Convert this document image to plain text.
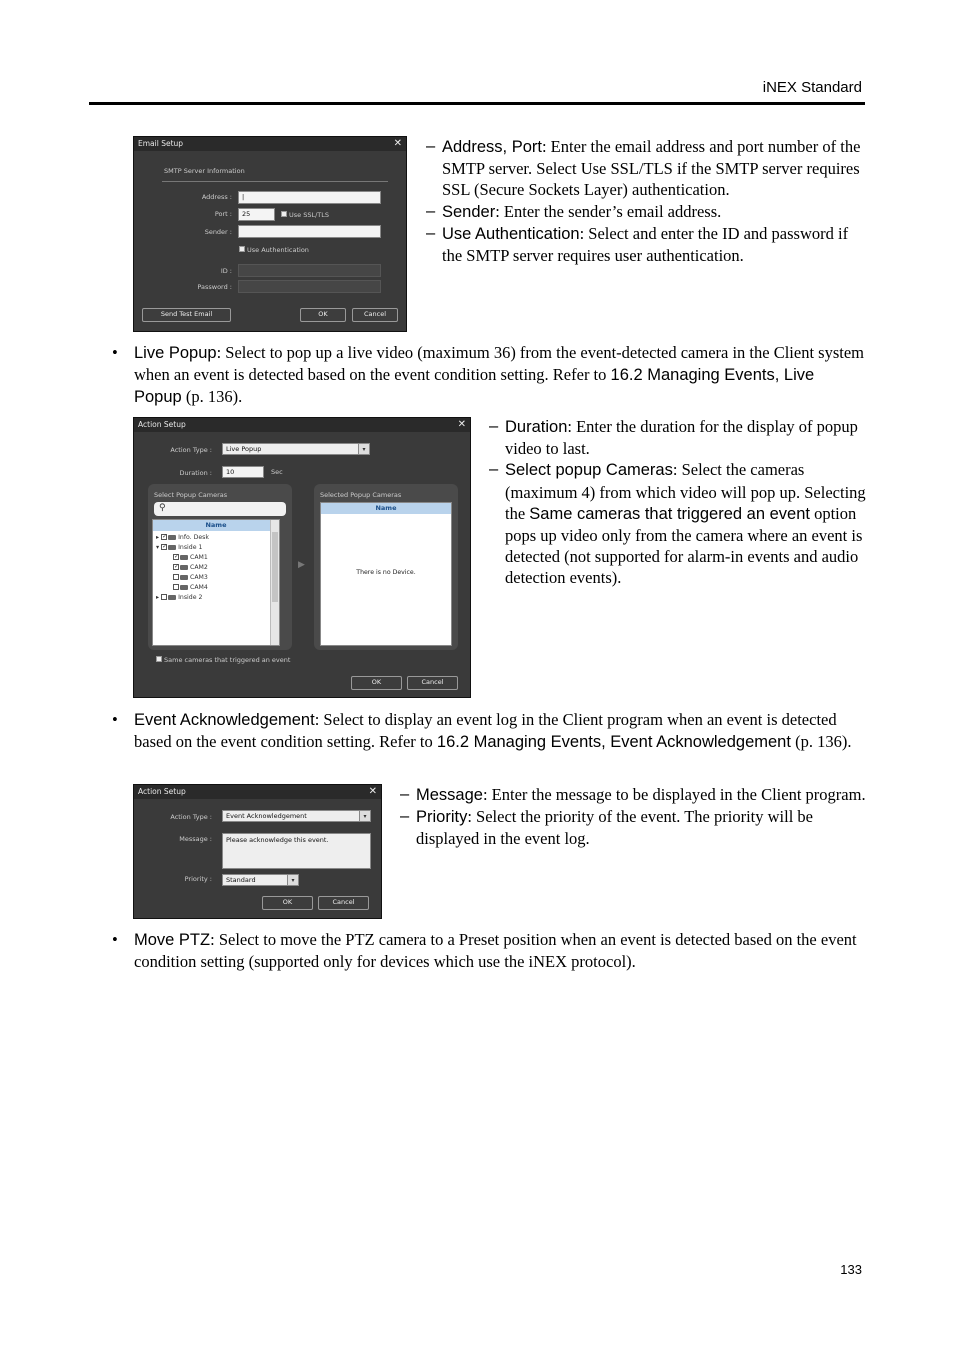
iNEX Standard
Email Setup	✕
SMTP Server Information
Address :	|
Port :	25	Use SSL/TLS
Sender :
Use Authentication
ID :
Password :
Send Test Email	OK	Cancel
– Address, Port: Enter the email address and port number of the SMTP server. Select Use SSL/TLS if the SMTP server requires SSL (Secure Sockets Layer) authentication.
– Sender: Enter the sender’s email address.
– Use Authentication: Select and enter the ID and password if the SMTP server requires user authentication.
• Live Popup: Select to pop up a live video (maximum 36) from the event-detected camera in the Client system when an event is detected based on the event condition setting. Refer to 16.2 Managing Events, Live Popup (p. 136).
Action Setup	✕
Action Type :	Live Popup	▾
Duration :	10	Sec
Select Popup Cameras
⚲
Name
▸ ✓ Info. Desk
▾ ✓ Inside 1
✓ CAM1
✓ CAM2
CAM3
CAM4
▸	Inside 2
▶
Selected Popup Cameras
Name
There is no Device.
Same cameras that triggered an event
OK	Cancel
– Duration: Enter the duration for the display of popup video to last.
– Select popup Cameras: Select the cameras (maximum 4) from which video will pop up. Selecting the Same cameras that triggered an event option pops up video only from the camera where an event is detected (not supported for alarm-in events and audio detection events).
• Event Acknowledgement: Select to display an event log in the Client program when an event is detected based on the event condition setting. Refer to 16.2 Managing Events, Event Acknowledgement (p. 136).
Action Setup	✕
Action Type :	Event Acknowledgement	▾
Message :	Please acknowledge this event.
Priority :	Standard	▾
OK	Cancel
– Message: Enter the message to be displayed in the Client program.
– Priority: Select the priority of the event. The priority will be displayed in the event log.
• Move PTZ: Select to move the PTZ camera to a Preset position when an event is detected based on the event condition setting (supported only for devices which use the iNEX protocol).
133
